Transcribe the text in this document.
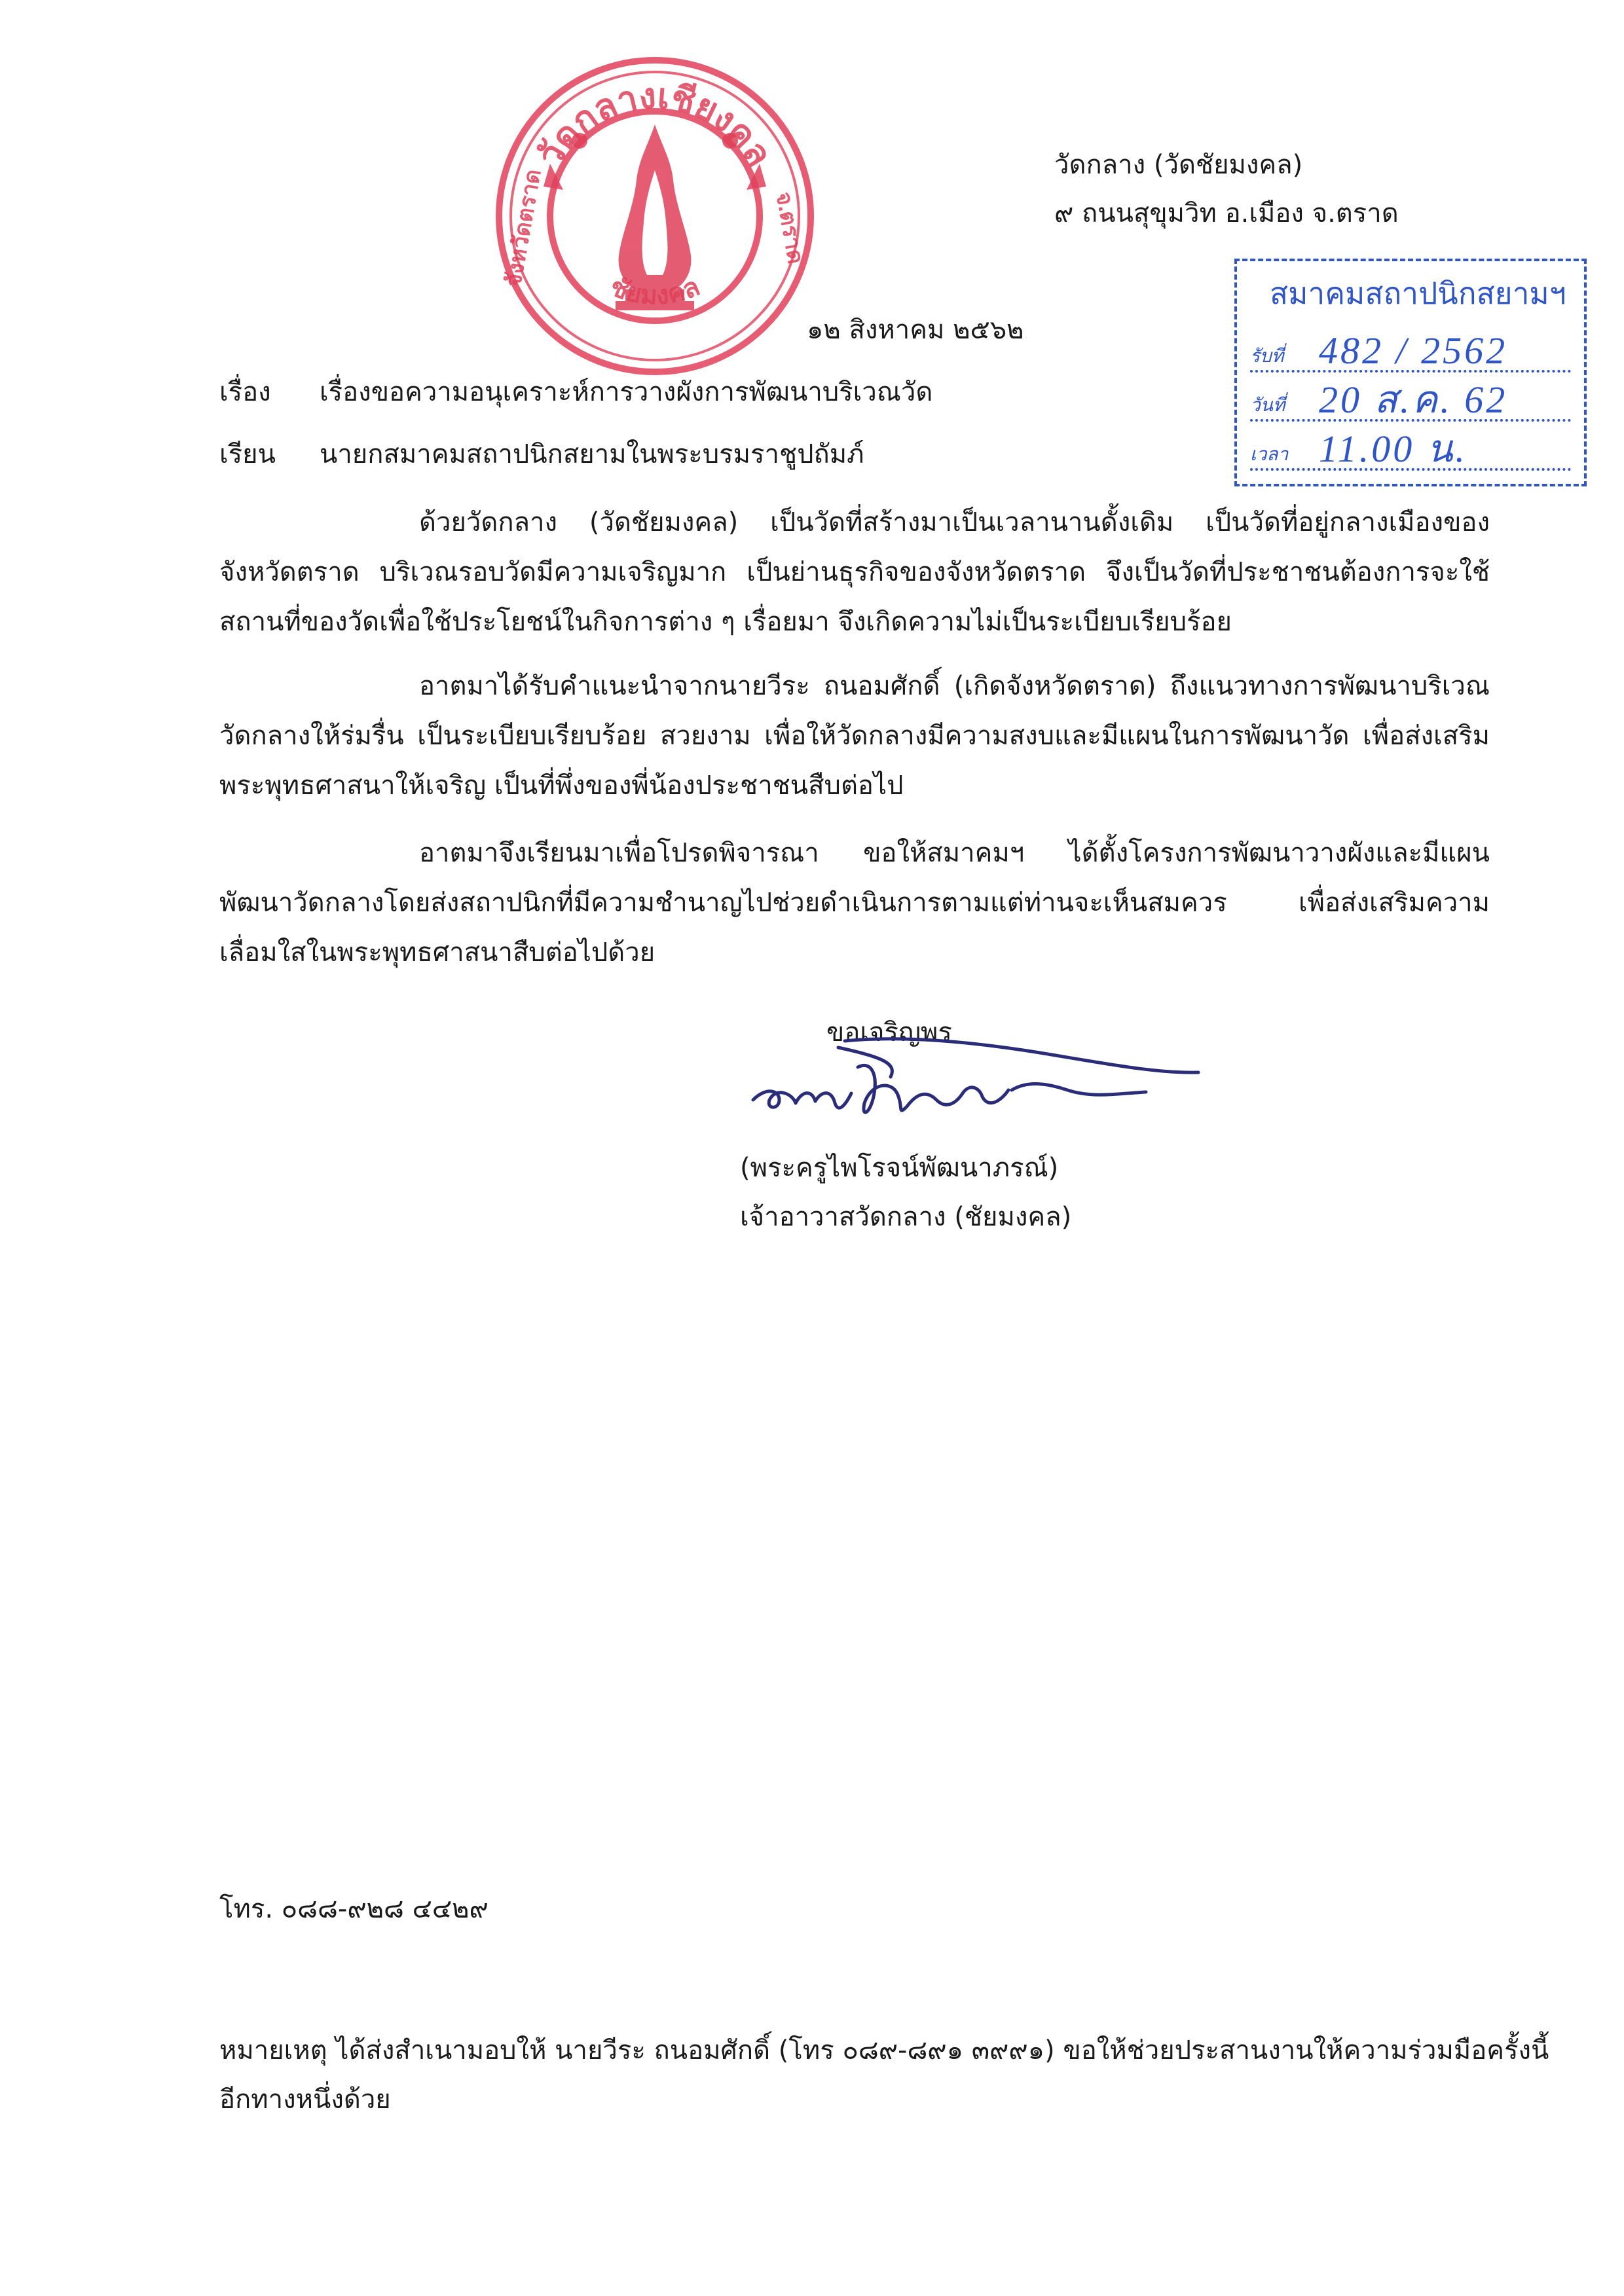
วัดกลางเชียงคล
ชัยมงคล
จังหวัดตราด	จ.ตราด
วัดกลาง (วัดชัยมงคล)
๙ ถนนสุขุมวิท อ.เมือง จ.ตราด
สมาคมสถาปนิกสยามฯ
รับที่ 482 / 2562
วันที่ 20 ส.ค. 62
เวลา 11.00 น.
๑๒ สิงหาคม ๒๕๖๒
เรื่อง เรื่องขอความอนุเคราะห์การวางผังการพัฒนาบริเวณวัด
เรียน นายกสมาคมสถาปนิกสยามในพระบรมราชูปถัมภ์
ด้วยวัดกลาง (วัดชัยมงคล) เป็นวัดที่สร้างมาเป็นเวลานานดั้งเดิม เป็นวัดที่อยู่กลางเมืองของจังหวัดตราด บริเวณรอบวัดมีความเจริญมาก เป็นย่านธุรกิจของจังหวัดตราด จึงเป็นวัดที่ประชาชนต้องการจะใช้สถานที่ของวัดเพื่อใช้ประโยชน์ในกิจการต่าง ๆ เรื่อยมา จึงเกิดความไม่เป็นระเบียบเรียบร้อย
อาตมาได้รับคำแนะนำจากนายวีระ ถนอมศักดิ์ (เกิดจังหวัดตราด) ถึงแนวทางการพัฒนาบริเวณวัดกลางให้ร่มรื่น เป็นระเบียบเรียบร้อย สวยงาม เพื่อให้วัดกลางมีความสงบและมีแผนในการพัฒนาวัด เพื่อส่งเสริมพระพุทธศาสนาให้เจริญ เป็นที่พึ่งของพี่น้องประชาชนสืบต่อไป
อาตมาจึงเรียนมาเพื่อโปรดพิจารณา ขอให้สมาคมฯ ได้ตั้งโครงการพัฒนาวางผังและมีแผนพัฒนาวัดกลางโดยส่งสถาปนิกที่มีความชำนาญไปช่วยดำเนินการตามแต่ท่านจะเห็นสมควร เพื่อส่งเสริมความเลื่อมใสในพระพุทธศาสนาสืบต่อไปด้วย
ขอเจริญพร
(พระครูไพโรจน์พัฒนาภรณ์)
เจ้าอาวาสวัดกลาง (ชัยมงคล)
โทร. ๐๘๘-๙๒๘ ๔๔๒๙
หมายเหตุ ได้ส่งสำเนามอบให้ นายวีระ ถนอมศักดิ์ (โทร ๐๘๙-๘๙๑ ๓๙๙๑) ขอให้ช่วยประสานงานให้ความร่วมมือครั้งนี้
อีกทางหนึ่งด้วย
